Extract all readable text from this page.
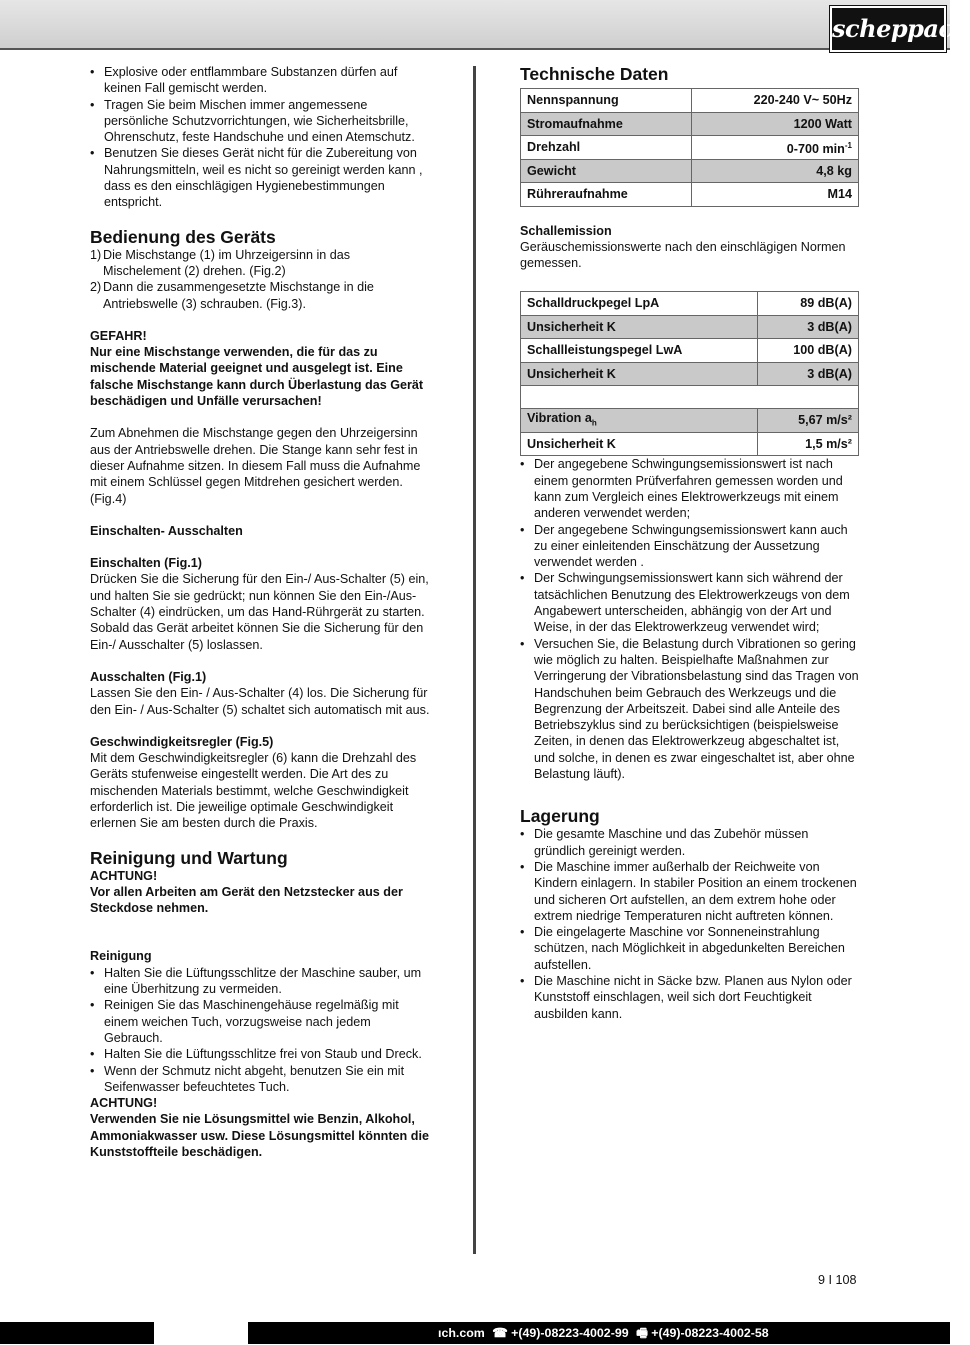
scheppach
• Explosive oder entflammbare Substanzen dürfen auf keinen Fall gemischt werden.
• Tragen Sie beim Mischen immer angemessene persönliche Schutzvorrichtungen, wie Sicherheitsbrille, Ohrenschutz, feste Handschuhe und einen Atemschutz.
• Benutzen Sie dieses Gerät nicht für die Zubereitung von Nahrungsmitteln, weil es nicht so gereinigt werden kann , dass es den einschlägigen Hygienebestimmungen entspricht.
Bedienung des Geräts
1) Die Mischstange (1) im Uhrzeigersinn in das Mischelement (2) drehen. (Fig.2)
2) Dann die zusammengesetzte Mischstange in die Antriebswelle (3) schrauben. (Fig.3).

GEFAHR!

Nur eine Mischstange verwenden, die für das zu mischende Material geeignet und ausgelegt ist. Eine falsche Mischstange kann durch Überlastung das Gerät beschädigen und Unfälle verursachen!

Zum Abnehmen die Mischstange gegen den Uhrzeigersinn aus der Antriebswelle drehen. Die Stange kann sehr fest in dieser Aufnahme sitzen. In diesem Fall muss die Aufnahme mit einem Schlüssel gegen Mitdrehen gesichert werden. (Fig.4)

Einschalten- Ausschalten

Einschalten (Fig.1)

Drücken Sie die Sicherung für den Ein-/ Aus-Schalter (5) ein, und halten Sie sie gedrückt; nun können Sie den Ein-/Aus-Schalter (4) eindrücken, um das Hand-Rührgerät zu starten. Sobald das Gerät arbeitet können Sie die Sicherung für den Ein-/ Ausschalter (5) loslassen.

Ausschalten (Fig.1)

Lassen Sie den Ein- / Aus-Schalter (4) los. Die Sicherung für den Ein- / Aus-Schalter (5) schaltet sich automatisch mit aus.

Geschwindigkeitsregler (Fig.5)

Mit dem Geschwindigkeitsregler (6) kann die Drehzahl des Geräts stufenweise eingestellt werden. Die Art des zu mischenden Materials bestimmt, welche Geschwindigkeit erforderlich ist. Die jeweilige optimale Geschwindigkeit erlernen Sie am besten durch die Praxis.

Reinigung und Wartung

ACHTUNG!

Vor allen Arbeiten am Gerät den Netzstecker aus der Steckdose nehmen.

Reinigung

• Halten Sie die Lüftungsschlitze der Maschine sauber, um eine Überhitzung zu vermeiden.
• Reinigen Sie das Maschinengehäuse regelmäßig mit einem weichen Tuch, vorzugsweise nach jedem Gebrauch.
• Halten Sie die Lüftungsschlitze frei von Staub und Dreck.
• Wenn der Schmutz nicht abgeht, benutzen Sie ein mit Seifenwasser befeuchtetes Tuch.

ACHTUNG!

Verwenden Sie nie Lösungsmittel wie Benzin, Alkohol, Ammoniakwasser usw. Diese Lösungsmittel könnten die Kunststoffteile beschädigen.

Technische Daten
Nennspannung	220-240 V~ 50Hz
Stromaufnahme	1200 Watt
Drehzahl	0-700 $\min^{-1}$
Gewicht	4,8 kg
Rühreraufnahme	M14

Schallemission

Geräuschemissionswerte nach den einschlägigen Normen gemessen.

Schalldruckpegel LpA	89 dB(A)
Unsicherheit K	3 dB(A)
Schallleistungspegel LwA	100 dB(A)
Unsicherheit K	3 dB(A)

Vibration $a_h$	5,67 m/s²
Unsicherheit K	1,5 m/s²
• Der angegebene Schwingungsemissionswert ist nach einem genormten Prüfverfahren gemessen worden und kann zum Vergleich eines Elektrowerkzeugs mit einem anderen verwendet werden;
• Der angegebene Schwingungsemissionswert kann auch zu einer einleitenden Einschätzung der Aussetzung verwendet werden .
• Der Schwingungsemissionswert kann sich während der tatsächlichen Benutzung des Elektrowerkzeugs von dem Angabewert unterscheiden, abhängig von der Art und Weise, in der das Elektrowerkzeug verwendet wird;
• Versuchen Sie, die Belastung durch Vibrationen so gering wie möglich zu halten. Beispielhafte Maßnahmen zur Verringerung der Vibrationsbelastung sind das Tragen von Handschuhen beim Gebrauch des Werkzeugs und die Begrenzung der Arbeitszeit. Dabei sind alle Anteile des Betriebszyklus sind zu berücksichtigen (beispielsweise Zeiten, in denen das Elektrowerkzeug abgeschaltet ist, und solche, in denen es zwar eingeschaltet ist, aber ohne Belastung läuft).
Lagerung
• Die gesamte Maschine und das Zubehör müssen gründlich gereinigt werden.
• Die Maschine immer außerhalb der Reichweite von Kindern einlagern. In stabiler Position an einem trockenen und sicheren Ort aufstellen, an dem extrem hohe oder extrem niedrige Temperaturen nicht auftreten können.
• Die eingelagerte Maschine vor Sonneneinstrahlung schützen, nach Möglichkeit in abgedunkelten Bereichen aufstellen.
• Die Maschine nicht in Säcke bzw. Planen aus Nylon oder Kunststoff einschlagen, weil sich dort Feuchtigkeit ausbilden kann.
9 I 108
ıch.com ☎ +(49)-08223-4002-99 🖷 +(49)-08223-4002-58
